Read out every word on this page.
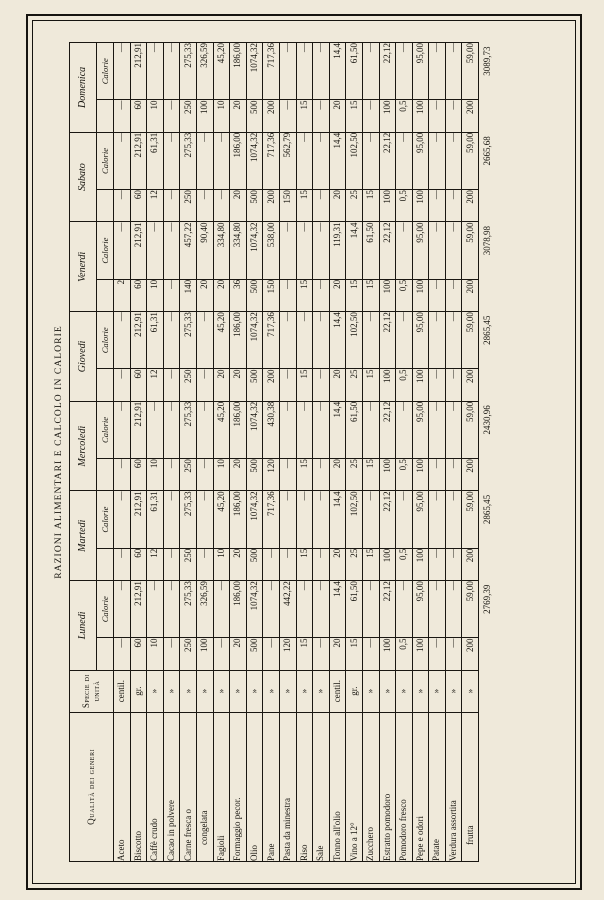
RAZIONI ALIMENTARI E CALCOLO IN CALORIE
Qualità dei generi	Specie di unità	Lunedì		Martedì		Mercoledì		Giovedì		Venerdì		Sabato		Domenica	
			Calorie		Calorie		Calorie		Calorie		Calorie		Calorie		Calorie
Aceto	centil.	—	—	—	—	—	—	—	—	2	—	—	—	—	—
Biscotto	gr.	60	212,91	60	212,91	60	212,91	60	212,91	60	212,91	60	212,91	60	212,91
Caffè crudo	»	10	—	12	61,31	10	—	12	61,31	10	—	12	61,31	10	—
Cacao in polvere	»	—	—	—	—	—	—	—	—	—	—	—	—	—	—
Carne fresca o	»	250	275,33	250	275,33	250	275,33	250	275,33	140	457,22	250	275,33	250	275,33
congelata	»	100	326,59	—	—	—	—	—	—	20	90,40	—	—	100	326,59
Fagioli	»	—	—	10	45,20	10	45,20	20	45,20	20	334,80	—	—	10	45,20
Formaggio pecor.	»	20	186,00	20	186,00	20	186,00	20	186,00	36	334,80	20	186,00	20	186,00
Olio	»	500	1074,32	500	1074,32	500	1074,32	500	1074,32	500	1074,32	500	1074,32	500	1074,32
Pane	»	—	—	—	717,36	120	430,38	200	717,36	150	538,00	200	717,36	200	717,36
Pasta da minestra	»	120	442,22	—	—	—	—	—	—	—	—	150	562,79	—	—
Riso	»	15	—	15	—	15	—	15	—	15	—	15	—	15	—
Sale	»	—	—	—	—	—	—	—	—	—	—	—	—	—	—
Tonno all'olio	centil.	20	14,4	20	14,4	20	14,4	20	14,4	20	119,31	20	14,4	20	14,4
Vino a 12°	gr.	15	61,50	25	102,50	25	61,50	25	102,50	15	14,4	25	102,50	15	61,50
Zucchero	»	—	—	15	—	15	—	15	—	15	61,50	15	—	—	—
Estratto pomodoro	»	100	22,12	100	22,12	100	22,12	100	22,12	100	22,12	100	22,12	100	22,12
Pomodoro fresco	»	0,5	—	0,5	—	0,5	—	0,5	—	0,5	—	0,5	—	0,5	—
Pepe e odori	»	100	95,00	100	95,00	100	95,00	100	95,00	100	95,00	100	95,00	100	95,00
Patate	»	—	—	—	—	—	—	—	—	—	—	—	—	—	—
Verdura assortita	»	—	—	—	—	—	—	—	—	—	—	—	—	—	—
frutta	»	200	59,00	200	59,00	200	59,00	200	59,00	200	59,00	200	59,00	200	59,00
			2769,39		2865,45		2430,96		2865,45		3078,98		2665,68		3089,73
